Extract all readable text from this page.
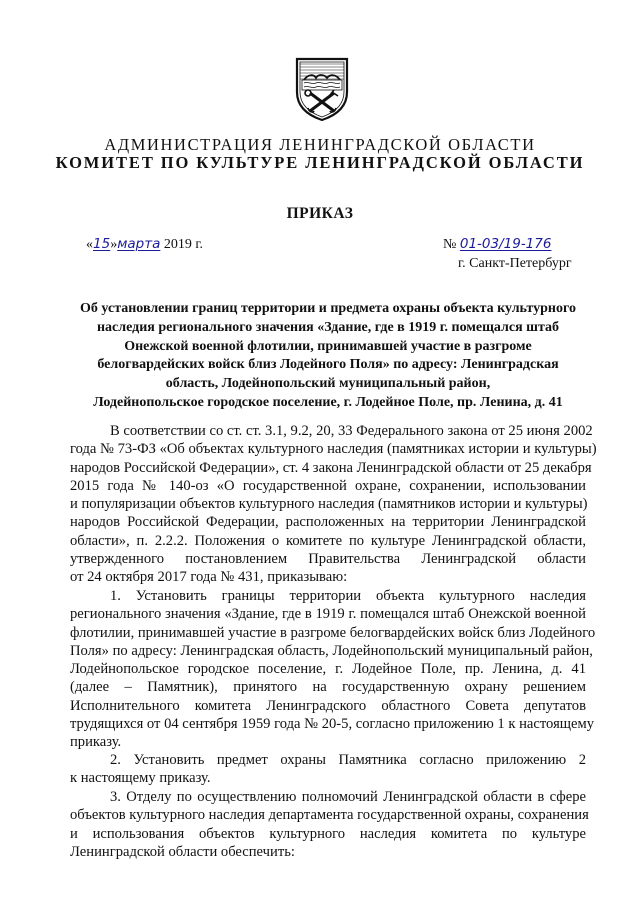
АДМИНИСТРАЦИЯ ЛЕНИНГРАДСКОЙ ОБЛАСТИ
КОМИТЕТ ПО КУЛЬТУРЕ ЛЕНИНГРАДСКОЙ ОБЛАСТИ
ПРИКАЗ
«15»марта 2019 г.	№ 01-03/19-176
г. Санкт-Петербург
Об установлении границ территории и предмета охраны объекта культурного
наследия регионального значения «Здание, где в 1919 г. помещался штаб
Онежской военной флотилии, принимавшей участие в разгроме
белогвардейских войск близ Лодейного Поля» по адресу: Ленинградская
область, Лодейнопольский муниципальный район,
Лодейнопольское городское поселение, г. Лодейное Поле, пр. Ленина, д. 41
В соответствии со ст. ст. 3.1, 9.2, 20, 33 Федерального закона от 25 июня 2002
года № 73-ФЗ «Об объектах культурного наследия (памятниках истории и культуры)
народов Российской Федерации», ст. 4 закона Ленинградской области от 25 декабря
2015 года № 140-оз «О государственной охране, сохранении, использовании
и популяризации объектов культурного наследия (памятников истории и культуры)
народов Российской Федерации, расположенных на территории Ленинградской
области», п. 2.2.2. Положения о комитете по культуре Ленинградской области,
утвержденного постановлением Правительства Ленинградской области
от 24 октября 2017 года № 431, приказываю:
1. Установить границы территории объекта культурного наследия
регионального значения «Здание, где в 1919 г. помещался штаб Онежской военной
флотилии, принимавшей участие в разгроме белогвардейских войск близ Лодейного
Поля» по адресу: Ленинградская область, Лодейнопольский муниципальный район,
Лодейнопольское городское поселение, г. Лодейное Поле, пр. Ленина, д. 41
(далее – Памятник), принятого на государственную охрану решением
Исполнительного комитета Ленинградского областного Совета депутатов
трудящихся от 04 сентября 1959 года № 20-5, согласно приложению 1 к настоящему
приказу.
2. Установить предмет охраны Памятника согласно приложению 2
к настоящему приказу.
3. Отделу по осуществлению полномочий Ленинградской области в сфере
объектов культурного наследия департамента государственной охраны, сохранения
и использования объектов культурного наследия комитета по культуре
Ленинградской области обеспечить:
